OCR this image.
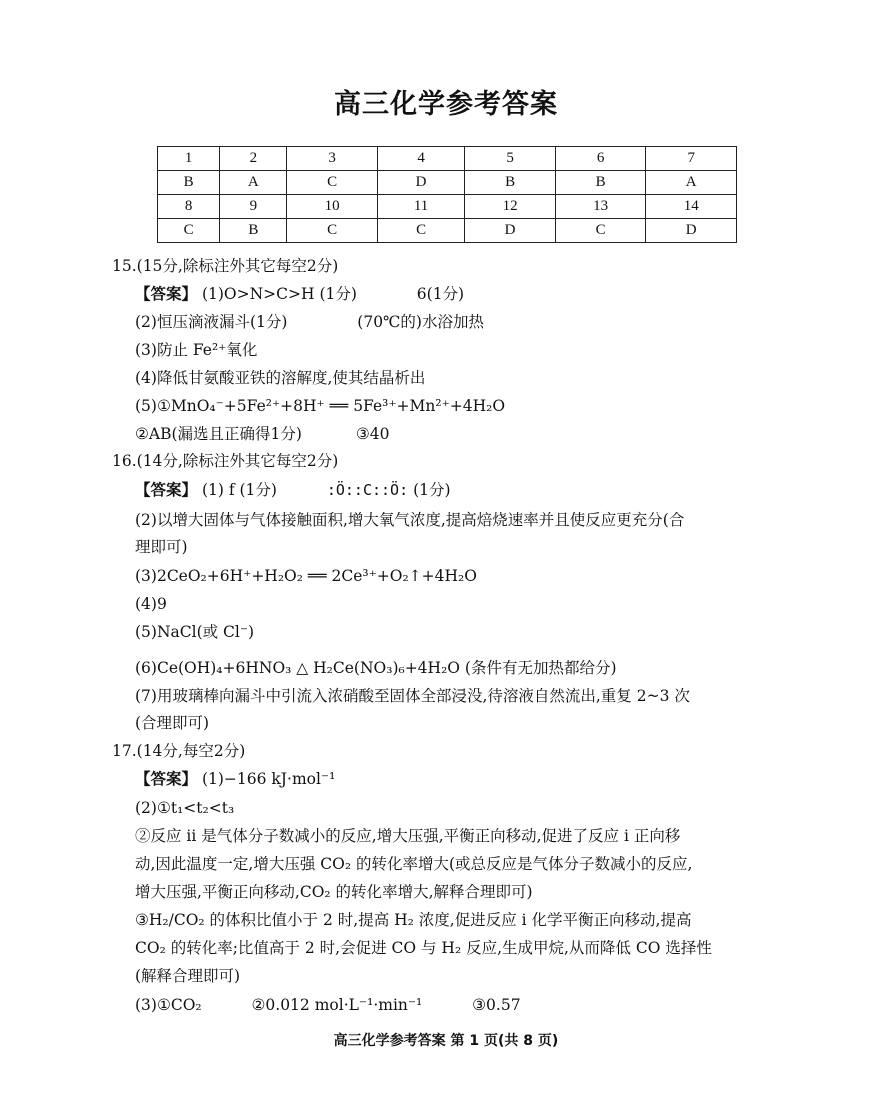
高三化学参考答案
1	2	3	4	5	6	7
B	A	C	D	B	B	A
8	9	10	11	12	13	14
C	B	C	C	D	C	D
15.(15分,除标注外其它每空2分)
【答案】 (1)O>N>C>H (1分)	6(1分)
(2)恒压滴液漏斗(1分)	(70℃的)水浴加热
(3)防止 Fe²⁺氧化
(4)降低甘氨酸亚铁的溶解度,使其结晶析出
(5)①MnO₄⁻+5Fe²⁺+8H⁺ ══ 5Fe³⁺+Mn²⁺+4H₂O
②AB(漏选且正确得1分)	③40
16.(14分,除标注外其它每空2分)
【答案】 (1) f (1分)	:Ö::C::Ö: (1分)
(2)以增大固体与气体接触面积,增大氧气浓度,提高焙烧速率并且使反应更充分(合
理即可)
(3)2CeO₂+6H⁺+H₂O₂ ══ 2Ce³⁺+O₂↑+4H₂O
(4)9
(5)NaCl(或 Cl⁻)
(6)Ce(OH)₄+6HNO₃ △ H₂Ce(NO₃)₆+4H₂O (条件有无加热都给分)
(7)用玻璃棒向漏斗中引流入浓硝酸至固体全部浸没,待溶液自然流出,重复 2~3 次
(合理即可)
17.(14分,每空2分)
【答案】 (1)−166 kJ·mol⁻¹
(2)①t₁<t₂<t₃
②反应 ii 是气体分子数减小的反应,增大压强,平衡正向移动,促进了反应 i 正向移
动,因此温度一定,增大压强 CO₂ 的转化率增大(或总反应是气体分子数减小的反应,
增大压强,平衡正向移动,CO₂ 的转化率增大,解释合理即可)
③H₂/CO₂ 的体积比值小于 2 时,提高 H₂ 浓度,促进反应 i 化学平衡正向移动,提高
CO₂ 的转化率;比值高于 2 时,会促进 CO 与 H₂ 反应,生成甲烷,从而降低 CO 选择性
(解释合理即可)
(3)①CO₂	②0.012 mol·L⁻¹·min⁻¹	③0.57
高三化学参考答案 第 1 页(共 8 页)
